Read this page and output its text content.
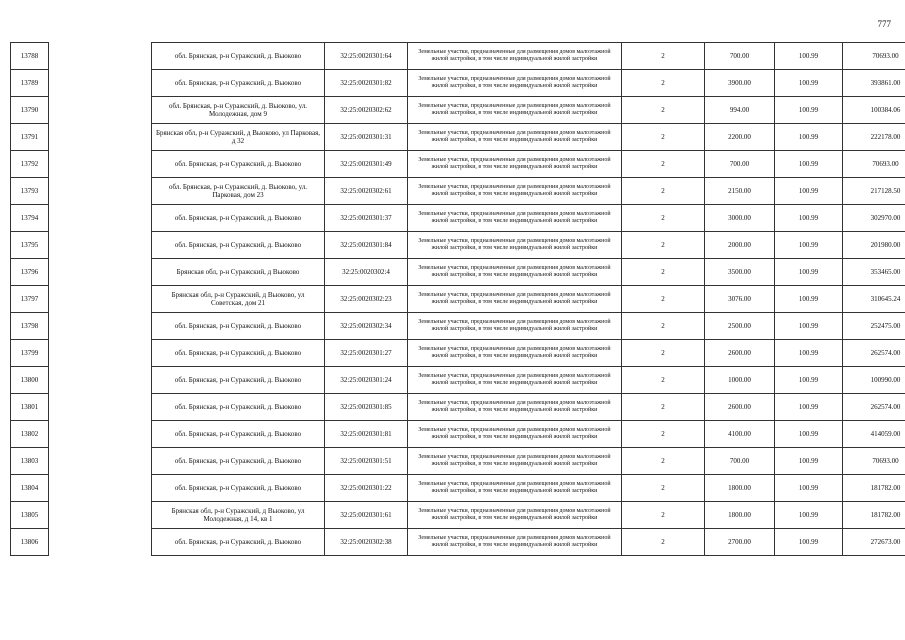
777
13788		обл. Брянская, р-н Суражский, д. Вьюково	32:25:0020301:64	Земельные участки, предназначенные для размещения домов малоэтажной жилой застройки, в том числе индивидуальной жилой застройки	2	700.00	100.99	70693.00
13789		обл. Брянская, р-н Суражский, д. Вьюково	32:25:0020301:82	Земельные участки, предназначенные для размещения домов малоэтажной жилой застройки, в том числе индивидуальной жилой застройки	2	3900.00	100.99	393861.00
13790		обл. Брянская, р-н Суражский, д. Вьюково, ул. Молодежная, дом 9	32:25:0020302:62	Земельные участки, предназначенные для размещения домов малоэтажной жилой застройки, в том числе индивидуальной жилой застройки	2	994.00	100.99	100384.06
13791		Брянская обл, р-н Суражский, д Вьюково, ул Парковая, д 32	32:25:0020301:31	Земельные участки, предназначенные для размещения домов малоэтажной жилой застройки, в том числе индивидуальной жилой застройки	2	2200.00	100.99	222178.00
13792		обл. Брянская, р-н Суражский, д. Вьюково	32:25:0020301:49	Земельные участки, предназначенные для размещения домов малоэтажной жилой застройки, в том числе индивидуальной жилой застройки	2	700.00	100.99	70693.00
13793		обл. Брянская, р-н Суражский, д. Вьюково, ул. Парковая, дом 23	32:25:0020302:61	Земельные участки, предназначенные для размещения домов малоэтажной жилой застройки, в том числе индивидуальной жилой застройки	2	2150.00	100.99	217128.50
13794		обл. Брянская, р-н Суражский, д. Вьюково	32:25:0020301:37	Земельные участки, предназначенные для размещения домов малоэтажной жилой застройки, в том числе индивидуальной жилой застройки	2	3000.00	100.99	302970.00
13795		обл. Брянская, р-н Суражский, д. Вьюково	32:25:0020301:84	Земельные участки, предназначенные для размещения домов малоэтажной жилой застройки, в том числе индивидуальной жилой застройки	2	2000.00	100.99	201980.00
13796		Брянская обл, р-н Суражский, д Вьюково	32:25:0020302:4	Земельные участки, предназначенные для размещения домов малоэтажной жилой застройки, в том числе индивидуальной жилой застройки	2	3500.00	100.99	353465.00
13797		Брянская обл, р-н Суражский, д Вьюково, ул Советская, дом 21	32:25:0020302:23	Земельные участки, предназначенные для размещения домов малоэтажной жилой застройки, в том числе индивидуальной жилой застройки	2	3076.00	100.99	310645.24
13798		обл. Брянская, р-н Суражский, д. Вьюково	32:25:0020302:34	Земельные участки, предназначенные для размещения домов малоэтажной жилой застройки, в том числе индивидуальной жилой застройки	2	2500.00	100.99	252475.00
13799		обл. Брянская, р-н Суражский, д. Вьюково	32:25:0020301:27	Земельные участки, предназначенные для размещения домов малоэтажной жилой застройки, в том числе индивидуальной жилой застройки	2	2600.00	100.99	262574.00
13800		обл. Брянская, р-н Суражский, д. Вьюково	32:25:0020301:24	Земельные участки, предназначенные для размещения домов малоэтажной жилой застройки, в том числе индивидуальной жилой застройки	2	1000.00	100.99	100990.00
13801		обл. Брянская, р-н Суражский, д. Вьюково	32:25:0020301:85	Земельные участки, предназначенные для размещения домов малоэтажной жилой застройки, в том числе индивидуальной жилой застройки	2	2600.00	100.99	262574.00
13802		обл. Брянская, р-н Суражский, д. Вьюково	32:25:0020301:81	Земельные участки, предназначенные для размещения домов малоэтажной жилой застройки, в том числе индивидуальной жилой застройки	2	4100.00	100.99	414059.00
13803		обл. Брянская, р-н Суражский, д. Вьюково	32:25:0020301:51	Земельные участки, предназначенные для размещения домов малоэтажной жилой застройки, в том числе индивидуальной жилой застройки	2	700.00	100.99	70693.00
13804		обл. Брянская, р-н Суражский, д. Вьюково	32:25:0020301:22	Земельные участки, предназначенные для размещения домов малоэтажной жилой застройки, в том числе индивидуальной жилой застройки	2	1800.00	100.99	181782.00
13805		Брянская обл, р-н Суражский, д Вьюково, ул Молодежная, д 14, кв 1	32:25:0020301:61	Земельные участки, предназначенные для размещения домов малоэтажной жилой застройки, в том числе индивидуальной жилой застройки	2	1800.00	100.99	181782.00
13806		обл. Брянская, р-н Суражский, д. Вьюково	32:25:0020302:38	Земельные участки, предназначенные для размещения домов малоэтажной жилой застройки, в том числе индивидуальной жилой застройки	2	2700.00	100.99	272673.00
